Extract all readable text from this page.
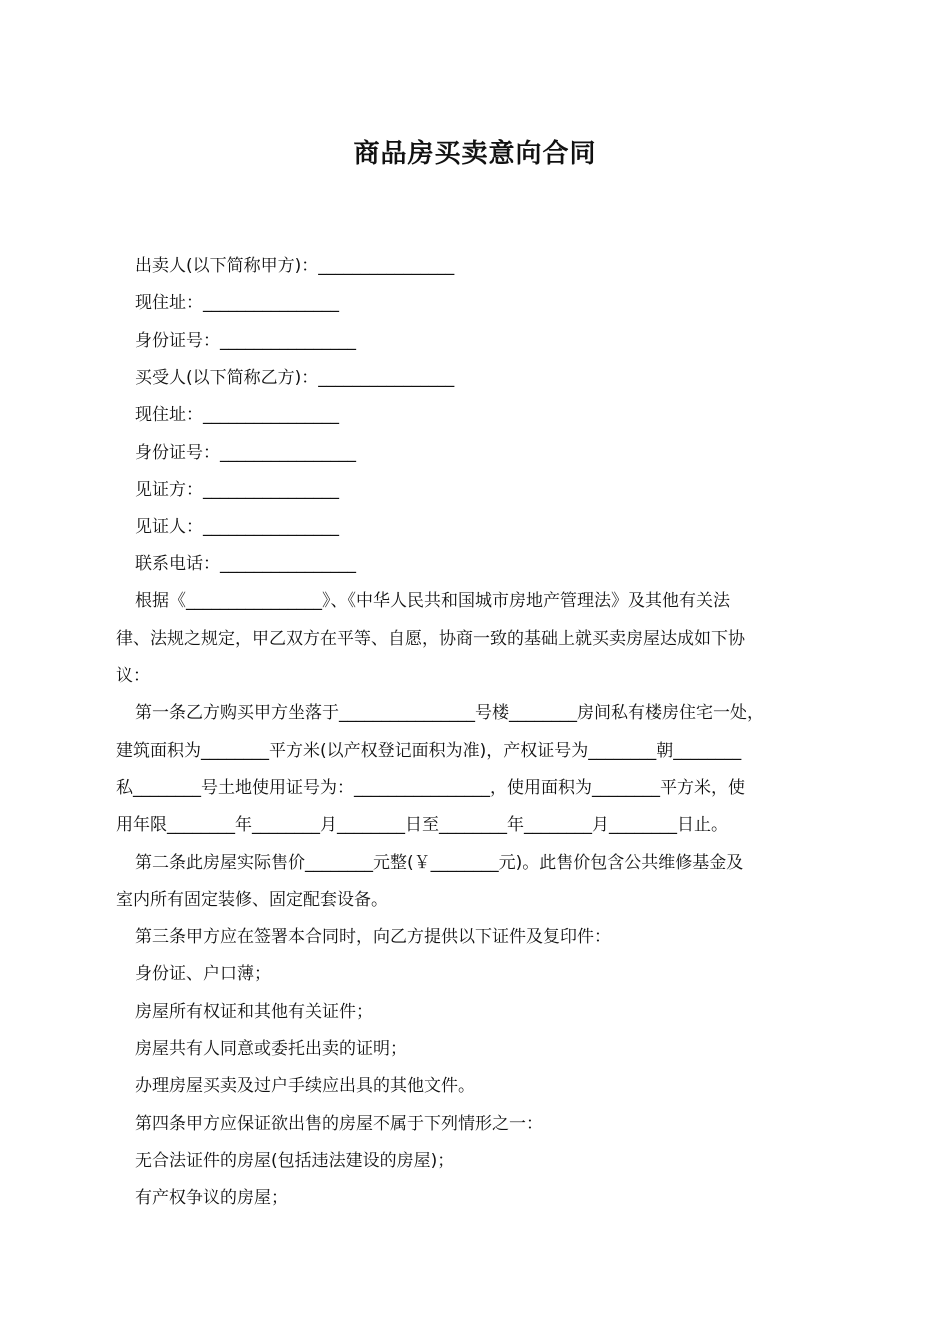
商品房买卖意向合同

出卖人(以下简称甲方)：________________

现住址：________________

身份证号：________________

买受人(以下简称乙方)：________________

现住址：________________

身份证号：________________

见证方：________________

见证人：________________

联系电话：________________

根据《________________》、《中华人民共和国城市房地产管理法》及其他有关法

律、法规之规定，甲乙双方在平等、自愿，协商一致的基础上就买卖房屋达成如下协

议：

第一条乙方购买甲方坐落于________________号楼________房间私有楼房住宅一处，

建筑面积为________平方米(以产权登记面积为准)，产权证号为________朝________

私________号土地使用证号为：________________，使用面积为________平方米，使

用年限________年________月________日至________年________月________日止。

第二条此房屋实际售价________元整(￥________元)。此售价包含公共维修基金及

室内所有固定装修、固定配套设备。

第三条甲方应在签署本合同时，向乙方提供以下证件及复印件：

身份证、户口薄；

房屋所有权证和其他有关证件；

房屋共有人同意或委托出卖的证明；

办理房屋买卖及过户手续应出具的其他文件。

第四条甲方应保证欲出售的房屋不属于下列情形之一：

无合法证件的房屋(包括违法建设的房屋)；

有产权争议的房屋；
